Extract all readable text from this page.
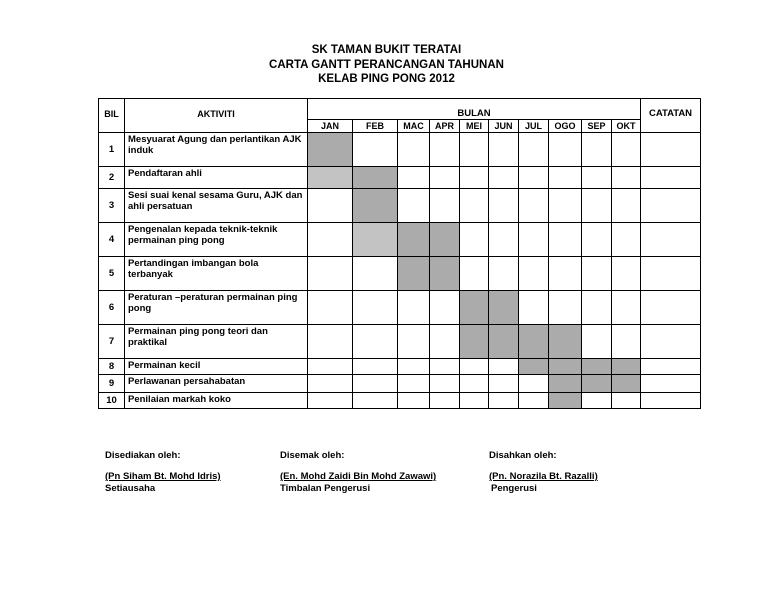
SK TAMAN BUKIT TERATAI
CARTA GANTT PERANCANGAN TAHUNAN
KELAB PING PONG 2012
BIL	AKTIVITI	BULAN										CATATAN
		JAN	FEB	MAC	APR	MEI	JUN	JUL	OGO	SEP	OKT	
1	Mesyuarat Agung dan perlantikan AJK induk											
2	Pendaftaran ahli											
3	Sesi suai kenal sesama Guru, AJK dan ahli persatuan											
4	Pengenalan kepada teknik-teknik permainan ping pong											
5	Pertandingan imbangan bola terbanyak											
6	Peraturan –peraturan permainan ping pong											
7	Permainan ping pong teori dan praktikal											
8	Permainan kecil											
9	Perlawanan persahabatan											
10	Penilaian markah koko											
Disediakan oleh:
(Pn Siham Bt. Mohd Idris)
Setiausaha
Disemak oleh:
(En. Mohd Zaidi Bin Mohd Zawawi)
Timbalan Pengerusi
Disahkan oleh:
(Pn. Norazila Bt. Razalli)
Pengerusi
